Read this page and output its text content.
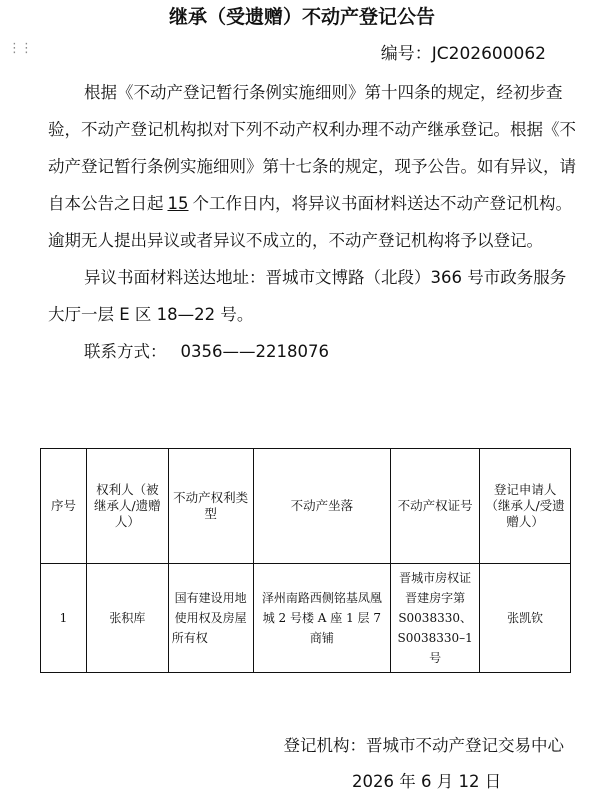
⋮⋮
继承（受遗赠）不动产登记公告
编号：JC202600062

根据《不动产登记暂行条例实施细则》第十四条的规定，经初步查验，不动产登记机构拟对下列不动产权利办理不动产继承登记。根据《不动产登记暂行条例实施细则》第十七条的规定，现予公告。如有异议，请自本公告之日起 15 个工作日内，将异议书面材料送达不动产登记机构。逾期无人提出异议或者异议不成立的，不动产登记机构将予以登记。

异议书面材料送达地址：晋城市文博路（北段）366 号市政务服务大厅一层 E 区 18—22 号。

联系方式： 0356——2218076

序号	权利人（被继承人/遗赠人）	不动产权利类型	不动产坐落	不动产权证号	登记申请人（继承人/受遗赠人）
1	张积库	国有建设用地使用权及房屋所有权	泽州南路西侧铭基凤凰城 2 号楼 A 座 1 层 7 商铺	晋城市房权证晋建房字第 S0038330、S0038330–1 号	张凯钦
登记机构：晋城市不动产登记交易中心
2026 年 6 月 12 日
